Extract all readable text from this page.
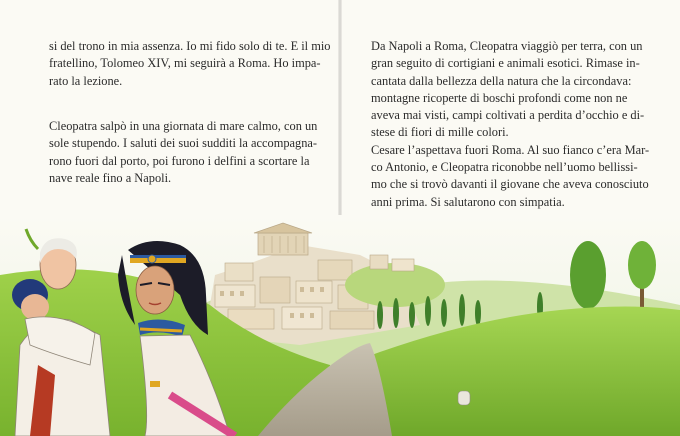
si del trono in mia assenza. Io mi fido solo di te. E il mio
fratellino, Tolomeo XIV, mi seguirà a Roma. Ho impa-
rato la lezione.
Cleopatra salpò in una giornata di mare calmo, con un
sole stupendo. I saluti dei suoi sudditi la accompagna-
rono fuori dal porto, poi furono i delfini a scortare la
nave reale fino a Napoli.
Da Napoli a Roma, Cleopatra viaggiò per terra, con un
gran seguito di cortigiani e animali esotici. Rimase in-
cantata dalla bellezza della natura che la circondava:
montagne ricoperte di boschi profondi come non ne
aveva mai visti, campi coltivati a perdita d’occhio e di-
stese di fiori di mille colori.
Cesare l’aspettava fuori Roma. Al suo fianco c’era Mar-
co Antonio, e Cleopatra riconobbe nell’uomo bellissi-
mo che si trovò davanti il giovane che aveva conosciuto
anni prima. Si salutarono con simpatia.
